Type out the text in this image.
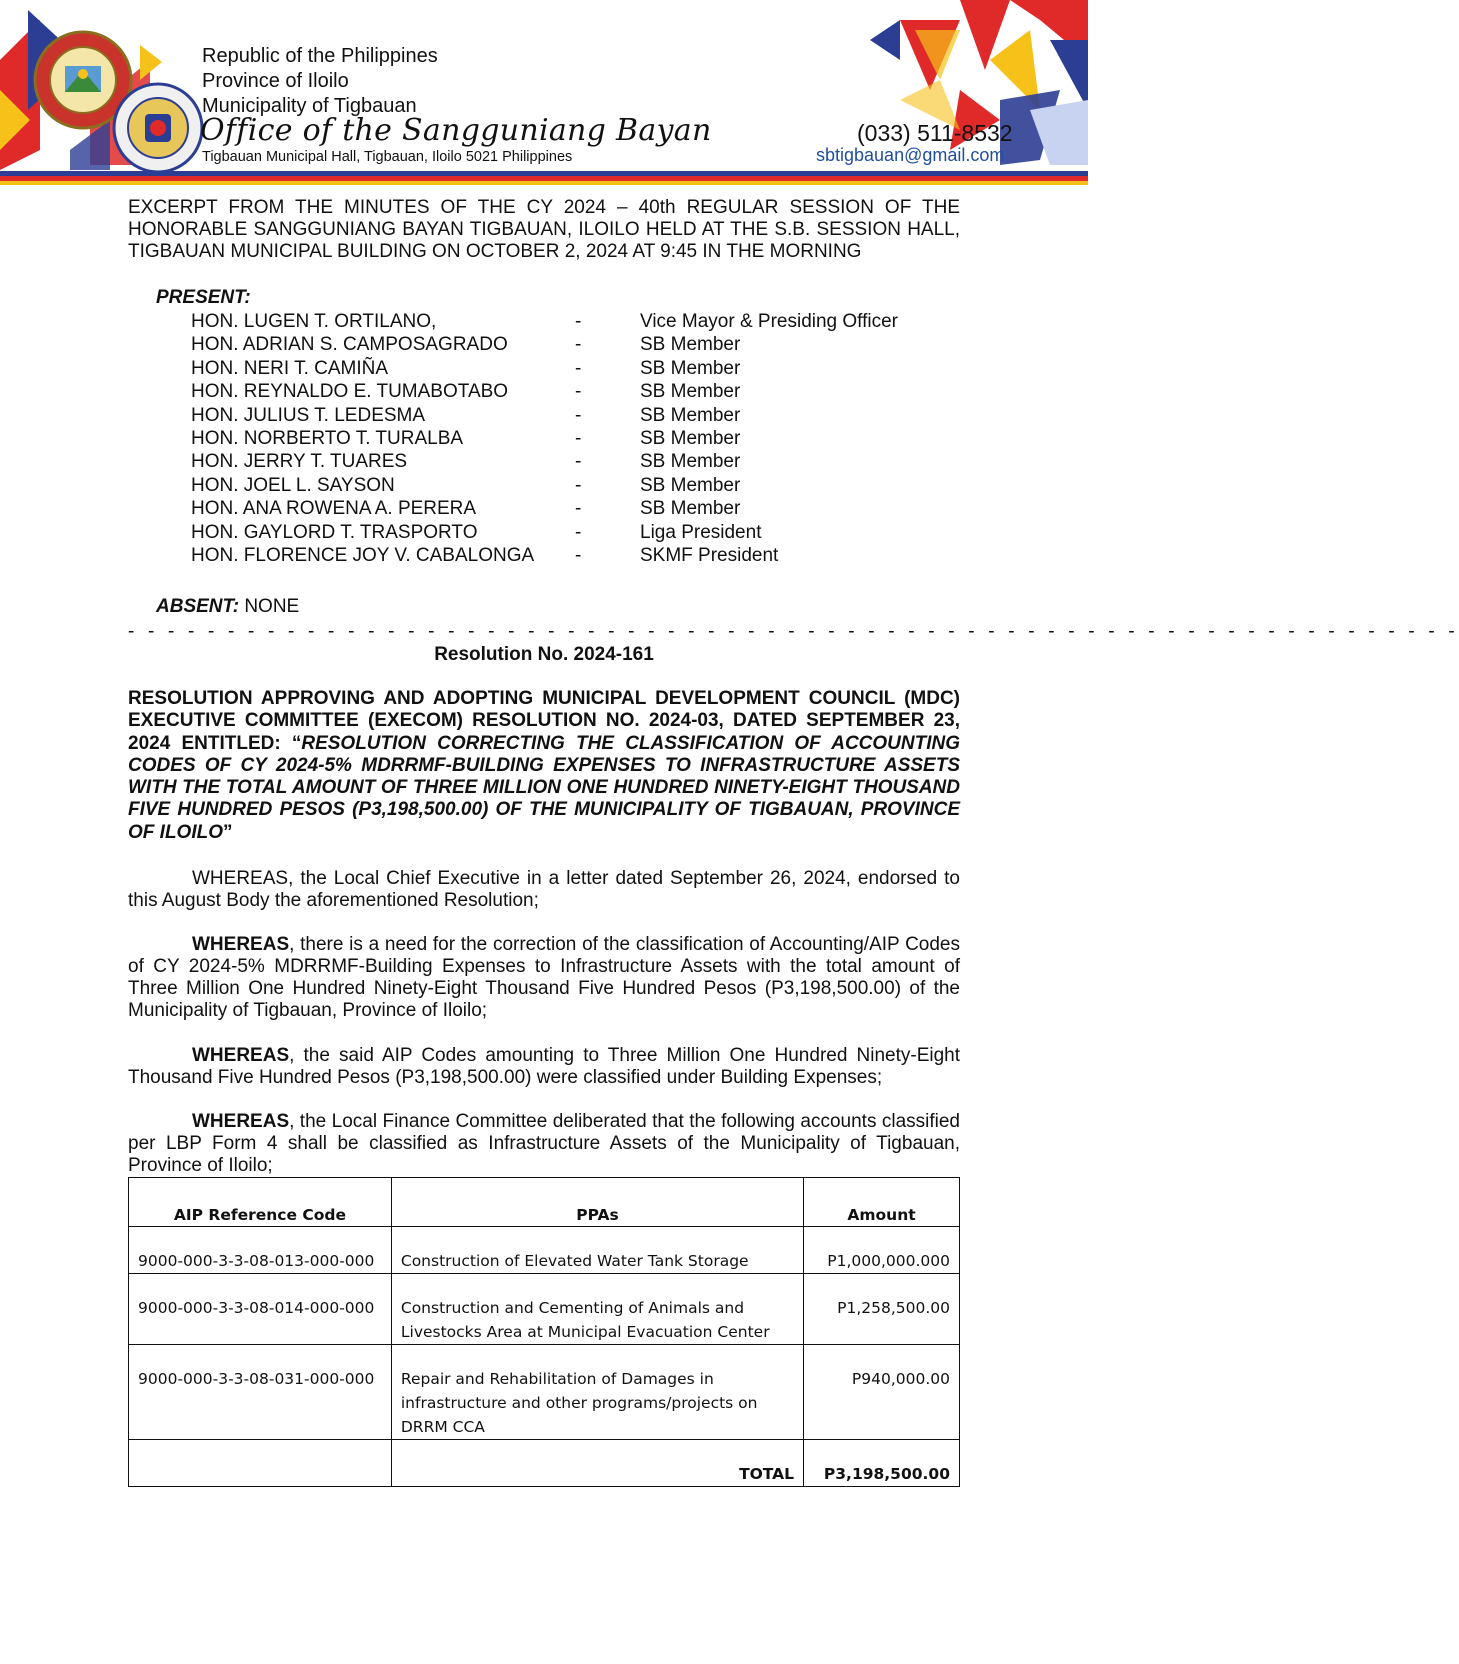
Republic of the Philippines
Province of Iloilo
Municipality of Tigbauan
Office of the Sangguniang Bayan
Tigbauan Municipal Hall, Tigbauan, Iloilo 5021 Philippines
(033) 511-8532
sbtigbauan@gmail.com
EXCERPT FROM THE MINUTES OF THE CY 2024 – 40th REGULAR SESSION OF THE HONORABLE SANGGUNIANG BAYAN TIGBAUAN, ILOILO HELD AT THE S.B. SESSION HALL, TIGBAUAN MUNICIPAL BUILDING ON OCTOBER 2, 2024 AT 9:45 IN THE MORNING
PRESENT:
HON. LUGEN T. ORTILANO,	-	Vice Mayor & Presiding Officer
HON. ADRIAN S. CAMPOSAGRADO	-	SB Member
HON. NERI T. CAMIÑA	-	SB Member
HON. REYNALDO E. TUMABOTABO	-	SB Member
HON. JULIUS T. LEDESMA	-	SB Member
HON. NORBERTO T. TURALBA	-	SB Member
HON. JERRY T. TUARES	-	SB Member
HON. JOEL L. SAYSON	-	SB Member
HON. ANA ROWENA A. PERERA	-	SB Member
HON. GAYLORD T. TRASPORTO	-	Liga President
HON. FLORENCE JOY V. CABALONGA -	SKMF President
ABSENT: NONE
- - - - - - - - - - - - - - - - - - - - - - - - - - - - - - - - - - - - - - - - - - - - - - - - - - - - - - - - - - - - - - - - - - -
Resolution No. 2024-161
RESOLUTION APPROVING AND ADOPTING MUNICIPAL DEVELOPMENT COUNCIL (MDC) EXECUTIVE COMMITTEE (EXECOM) RESOLUTION NO. 2024-03, DATED SEPTEMBER 23, 2024 ENTITLED: “RESOLUTION CORRECTING THE CLASSIFICATION OF ACCOUNTING CODES OF CY 2024-5% MDRRMF-BUILDING EXPENSES TO INFRASTRUCTURE ASSETS WITH THE TOTAL AMOUNT OF THREE MILLION ONE HUNDRED NINETY-EIGHT THOUSAND FIVE HUNDRED PESOS (P3,198,500.00) OF THE MUNICIPALITY OF TIGBAUAN, PROVINCE OF ILOILO”
WHEREAS, the Local Chief Executive in a letter dated September 26, 2024, endorsed to this August Body the aforementioned Resolution;
WHEREAS, there is a need for the correction of the classification of Accounting/AIP Codes of CY 2024-5% MDRRMF-Building Expenses to Infrastructure Assets with the total amount of Three Million One Hundred Ninety-Eight Thousand Five Hundred Pesos (P3,198,500.00) of the Municipality of Tigbauan, Province of Iloilo;
WHEREAS, the said AIP Codes amounting to Three Million One Hundred Ninety-Eight Thousand Five Hundred Pesos (P3,198,500.00) were classified under Building Expenses;
WHEREAS, the Local Finance Committee deliberated that the following accounts classified per LBP Form 4 shall be classified as Infrastructure Assets of the Municipality of Tigbauan, Province of Iloilo;
AIP Reference Code	PPAs	Amount
9000-000-3-3-08-013-000-000	Construction of Elevated Water Tank Storage	P1,000,000.000
9000-000-3-3-08-014-000-000	Construction and Cementing of Animals and Livestocks Area at Municipal Evacuation Center	P1,258,500.00
9000-000-3-3-08-031-000-000	Repair and Rehabilitation of Damages in infrastructure and other programs/projects on DRRM CCA	P940,000.00
	TOTAL	P3,198,500.00
